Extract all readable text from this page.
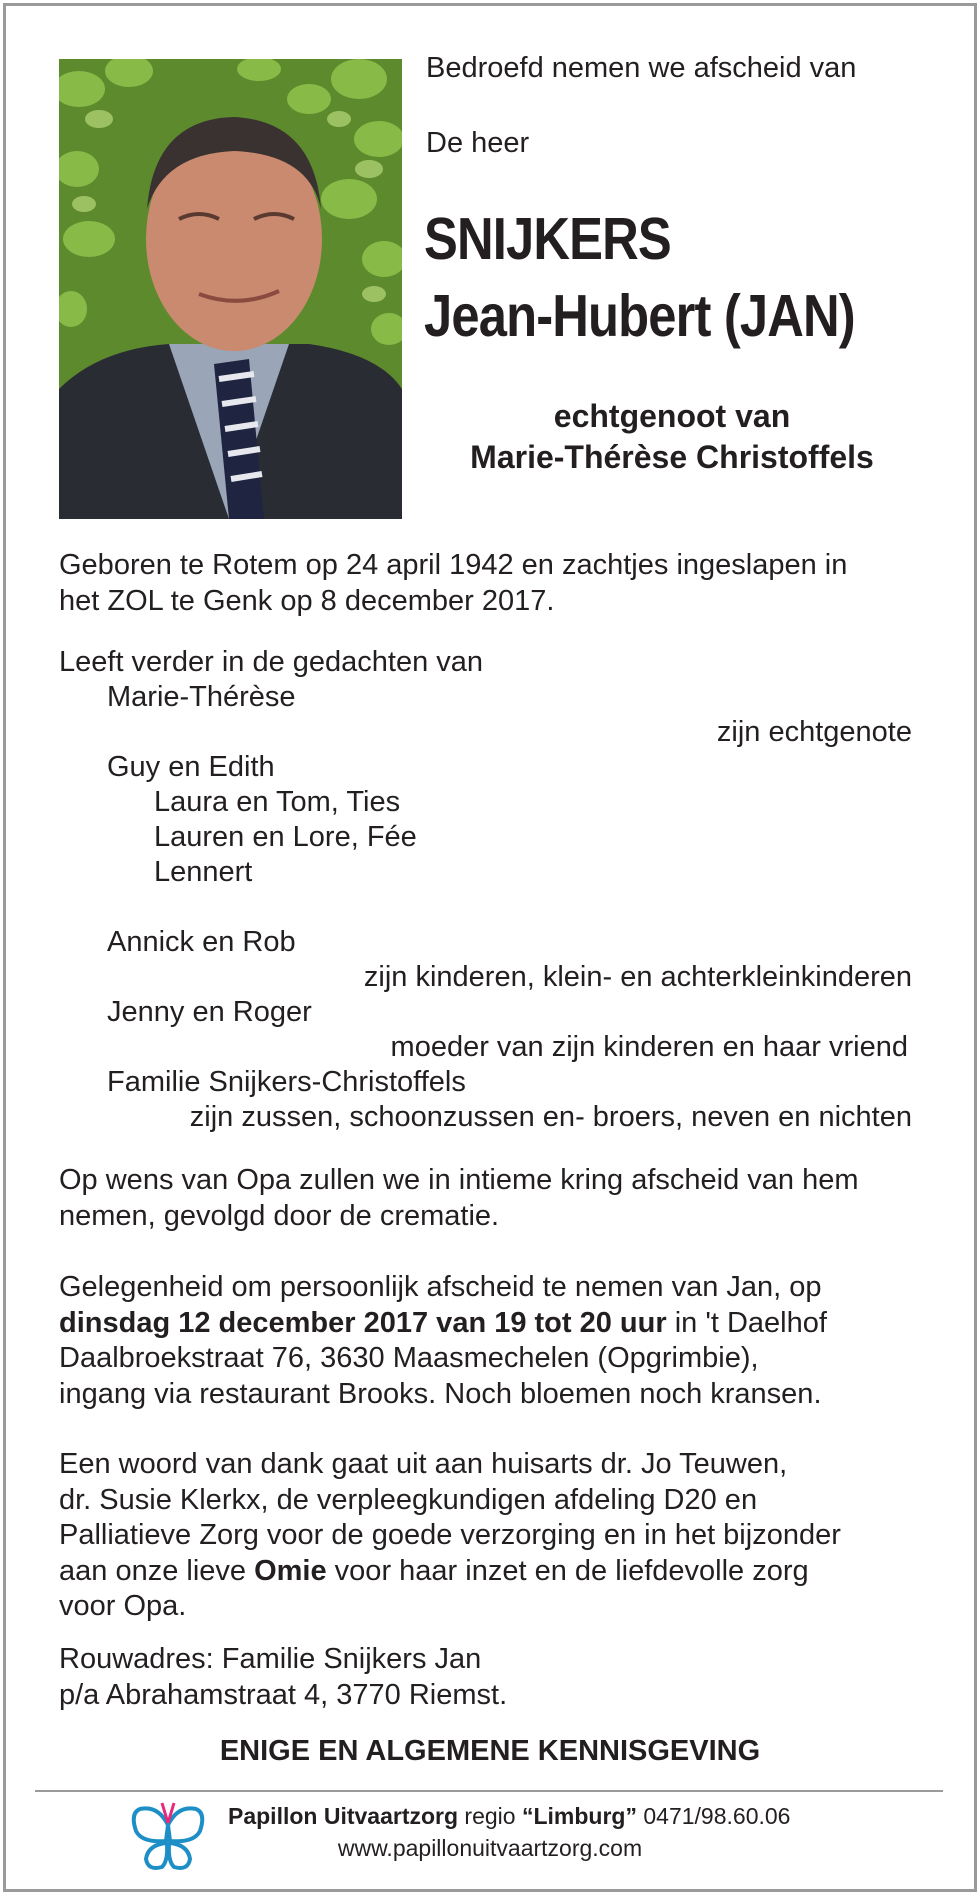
Bedroefd nemen we afscheid van
De heer
SNIJKERS
Jean-Hubert (JAN)
echtgenoot van
Marie-Thérèse Christoffels
Geboren te Rotem op 24 april 1942 en zachtjes ingeslapen in
het ZOL te Genk op 8 december 2017.
Leeft verder in de gedachten van
Marie-Thérèse
zijn echtgenote
Guy en Edith
Laura en Tom, Ties
Lauren en Lore, Fée
Lennert
Annick en Rob
zijn kinderen, klein- en achterkleinkinderen
Jenny en Roger
moeder van zijn kinderen en haar vriend
Familie Snijkers-Christoffels
zijn zussen, schoonzussen en- broers, neven en nichten
Op wens van Opa zullen we in intieme kring afscheid van hem
nemen, gevolgd door de crematie.
Gelegenheid om persoonlijk afscheid te nemen van Jan, op
dinsdag 12 december 2017 van 19 tot 20 uur in 't Daelhof
Daalbroekstraat 76, 3630 Maasmechelen (Opgrimbie),
ingang via restaurant Brooks. Noch bloemen noch kransen.
Een woord van dank gaat uit aan huisarts dr. Jo Teuwen,
dr. Susie Klerkx, de verpleegkundigen afdeling D20 en
Palliatieve Zorg voor de goede verzorging en in het bijzonder
aan onze lieve Omie voor haar inzet en de liefdevolle zorg
voor Opa.
Rouwadres: Familie Snijkers Jan
p/a Abrahamstraat 4, 3770 Riemst.
ENIGE EN ALGEMENE KENNISGEVING
Papillon Uitvaartzorg regio “Limburg” 0471/98.60.06
www.papillonuitvaartzorg.com
